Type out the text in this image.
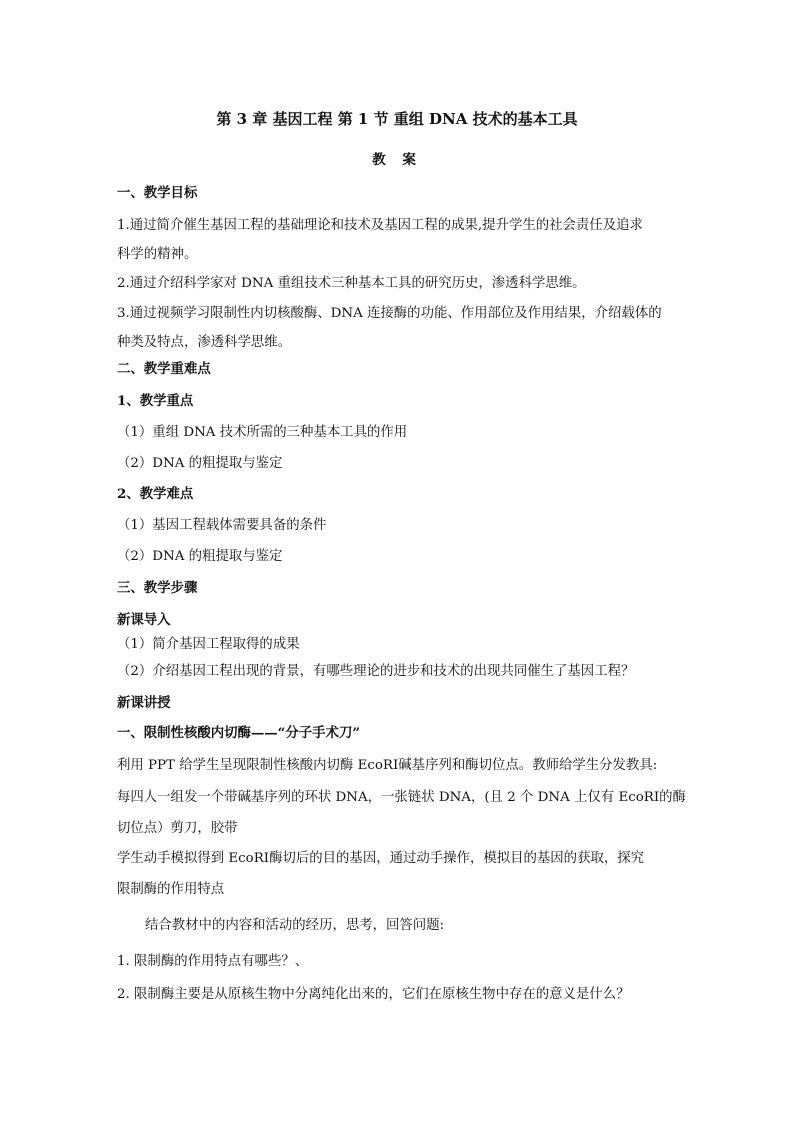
第 3 章 基因工程 第 1 节 重组 DNA 技术的基本工具
教 案
一、教学目标
1.通过简介催生基因工程的基础理论和技术及基因工程的成果,提升学生的社会责任及追求
科学的精神。
2.通过介绍科学家对 DNA 重组技术三种基本工具的研究历史，渗透科学思维。
3.通过视频学习限制性内切核酸酶、DNA 连接酶的功能、作用部位及作用结果，介绍载体的
种类及特点，渗透科学思维。
二、教学重难点
1、教学重点
（1）重组 DNA 技术所需的三种基本工具的作用
（2）DNA 的粗提取与鉴定
2、教学难点
（1）基因工程载体需要具备的条件
（2）DNA 的粗提取与鉴定
三、教学步骤
新课导入
（1）简介基因工程取得的成果
（2）介绍基因工程出现的背景，有哪些理论的进步和技术的出现共同催生了基因工程？
新课讲授
一、限制性核酸内切酶——“分子手术刀”
利用 PPT 给学生呈现限制性核酸内切酶 EcoRⅠ碱基序列和酶切位点。教师给学生分发教具:
每四人一组发一个带碱基序列的环状 DNA，一张链状 DNA，(且 2 个 DNA 上仅有 EcoRⅠ的酶
切位点）剪刀，胶带
学生动手模拟得到 EcoRⅠ酶切后的目的基因，通过动手操作，模拟目的基因的获取，探究
限制酶的作用特点
结合教材中的内容和活动的经历，思考，回答问题:
1. 限制酶的作用特点有哪些？、
2. 限制酶主要是从原核生物中分离纯化出来的，它们在原核生物中存在的意义是什么？
